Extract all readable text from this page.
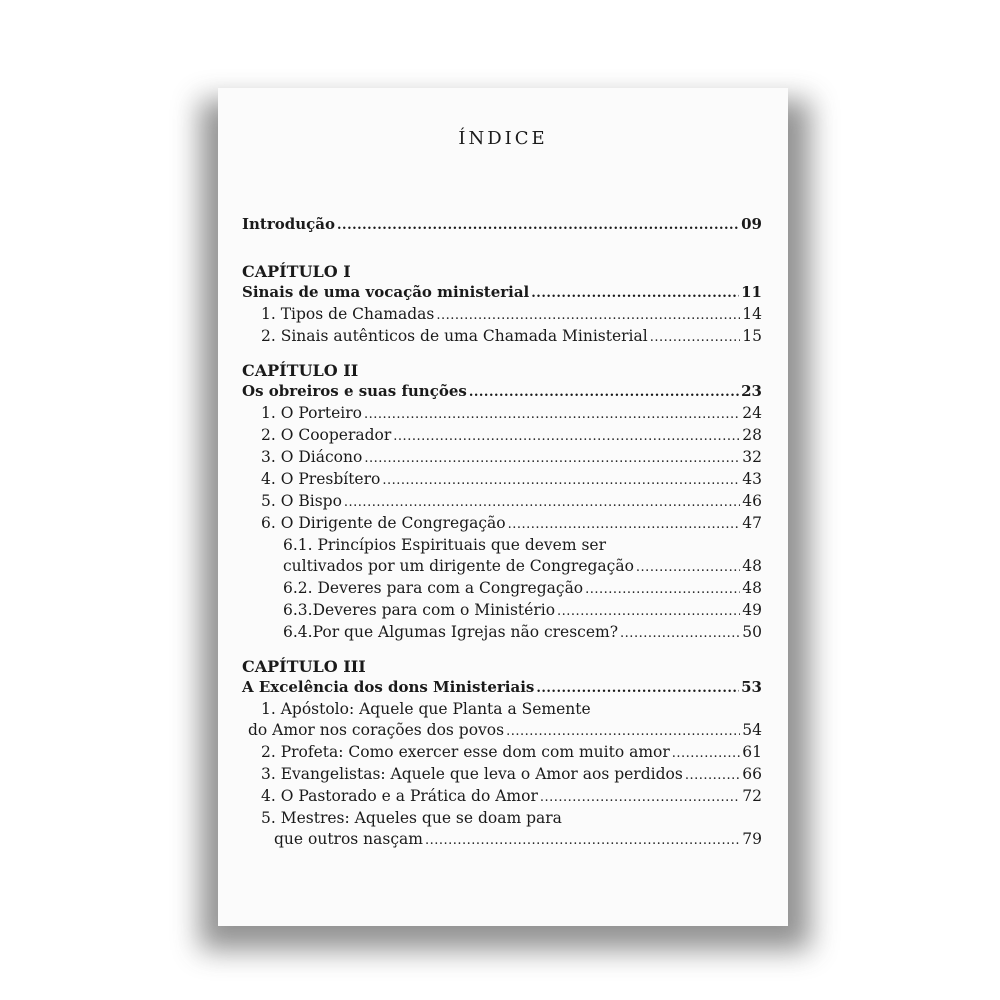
ÍNDICE
Introdução .....	09
CAPÍTULO I
Sinais de uma vocação ministerial .....	11
1. Tipos de Chamadas .....	14
2. Sinais autênticos de uma Chamada Ministerial .....	15
CAPÍTULO II
Os obreiros e suas funções .....	23
1. O Porteiro .....	24
2. O Cooperador .....	28
3. O Diácono .....	32
4. O Presbítero .....	43
5. O Bispo .....	46
6. O Dirigente de Congregação .....	47
6.1. Princípios Espirituais que devem ser
cultivados por um dirigente de Congregação .....	48
6.2. Deveres para com a Congregação .....	48
6.3.Deveres para com o Ministério .....	49
6.4.Por que Algumas Igrejas não crescem? .....	50
CAPÍTULO III
A Excelência dos dons Ministeriais .....	53
1. Apóstolo: Aquele que Planta a Semente
do Amor nos corações dos povos .....	54
2. Profeta: Como exercer esse dom com muito amor .....	61
3. Evangelistas: Aquele que leva o Amor aos perdidos .....	66
4. O Pastorado e a Prática do Amor .....	72
5. Mestres: Aqueles que se doam para
que outros nasçam .....	79
